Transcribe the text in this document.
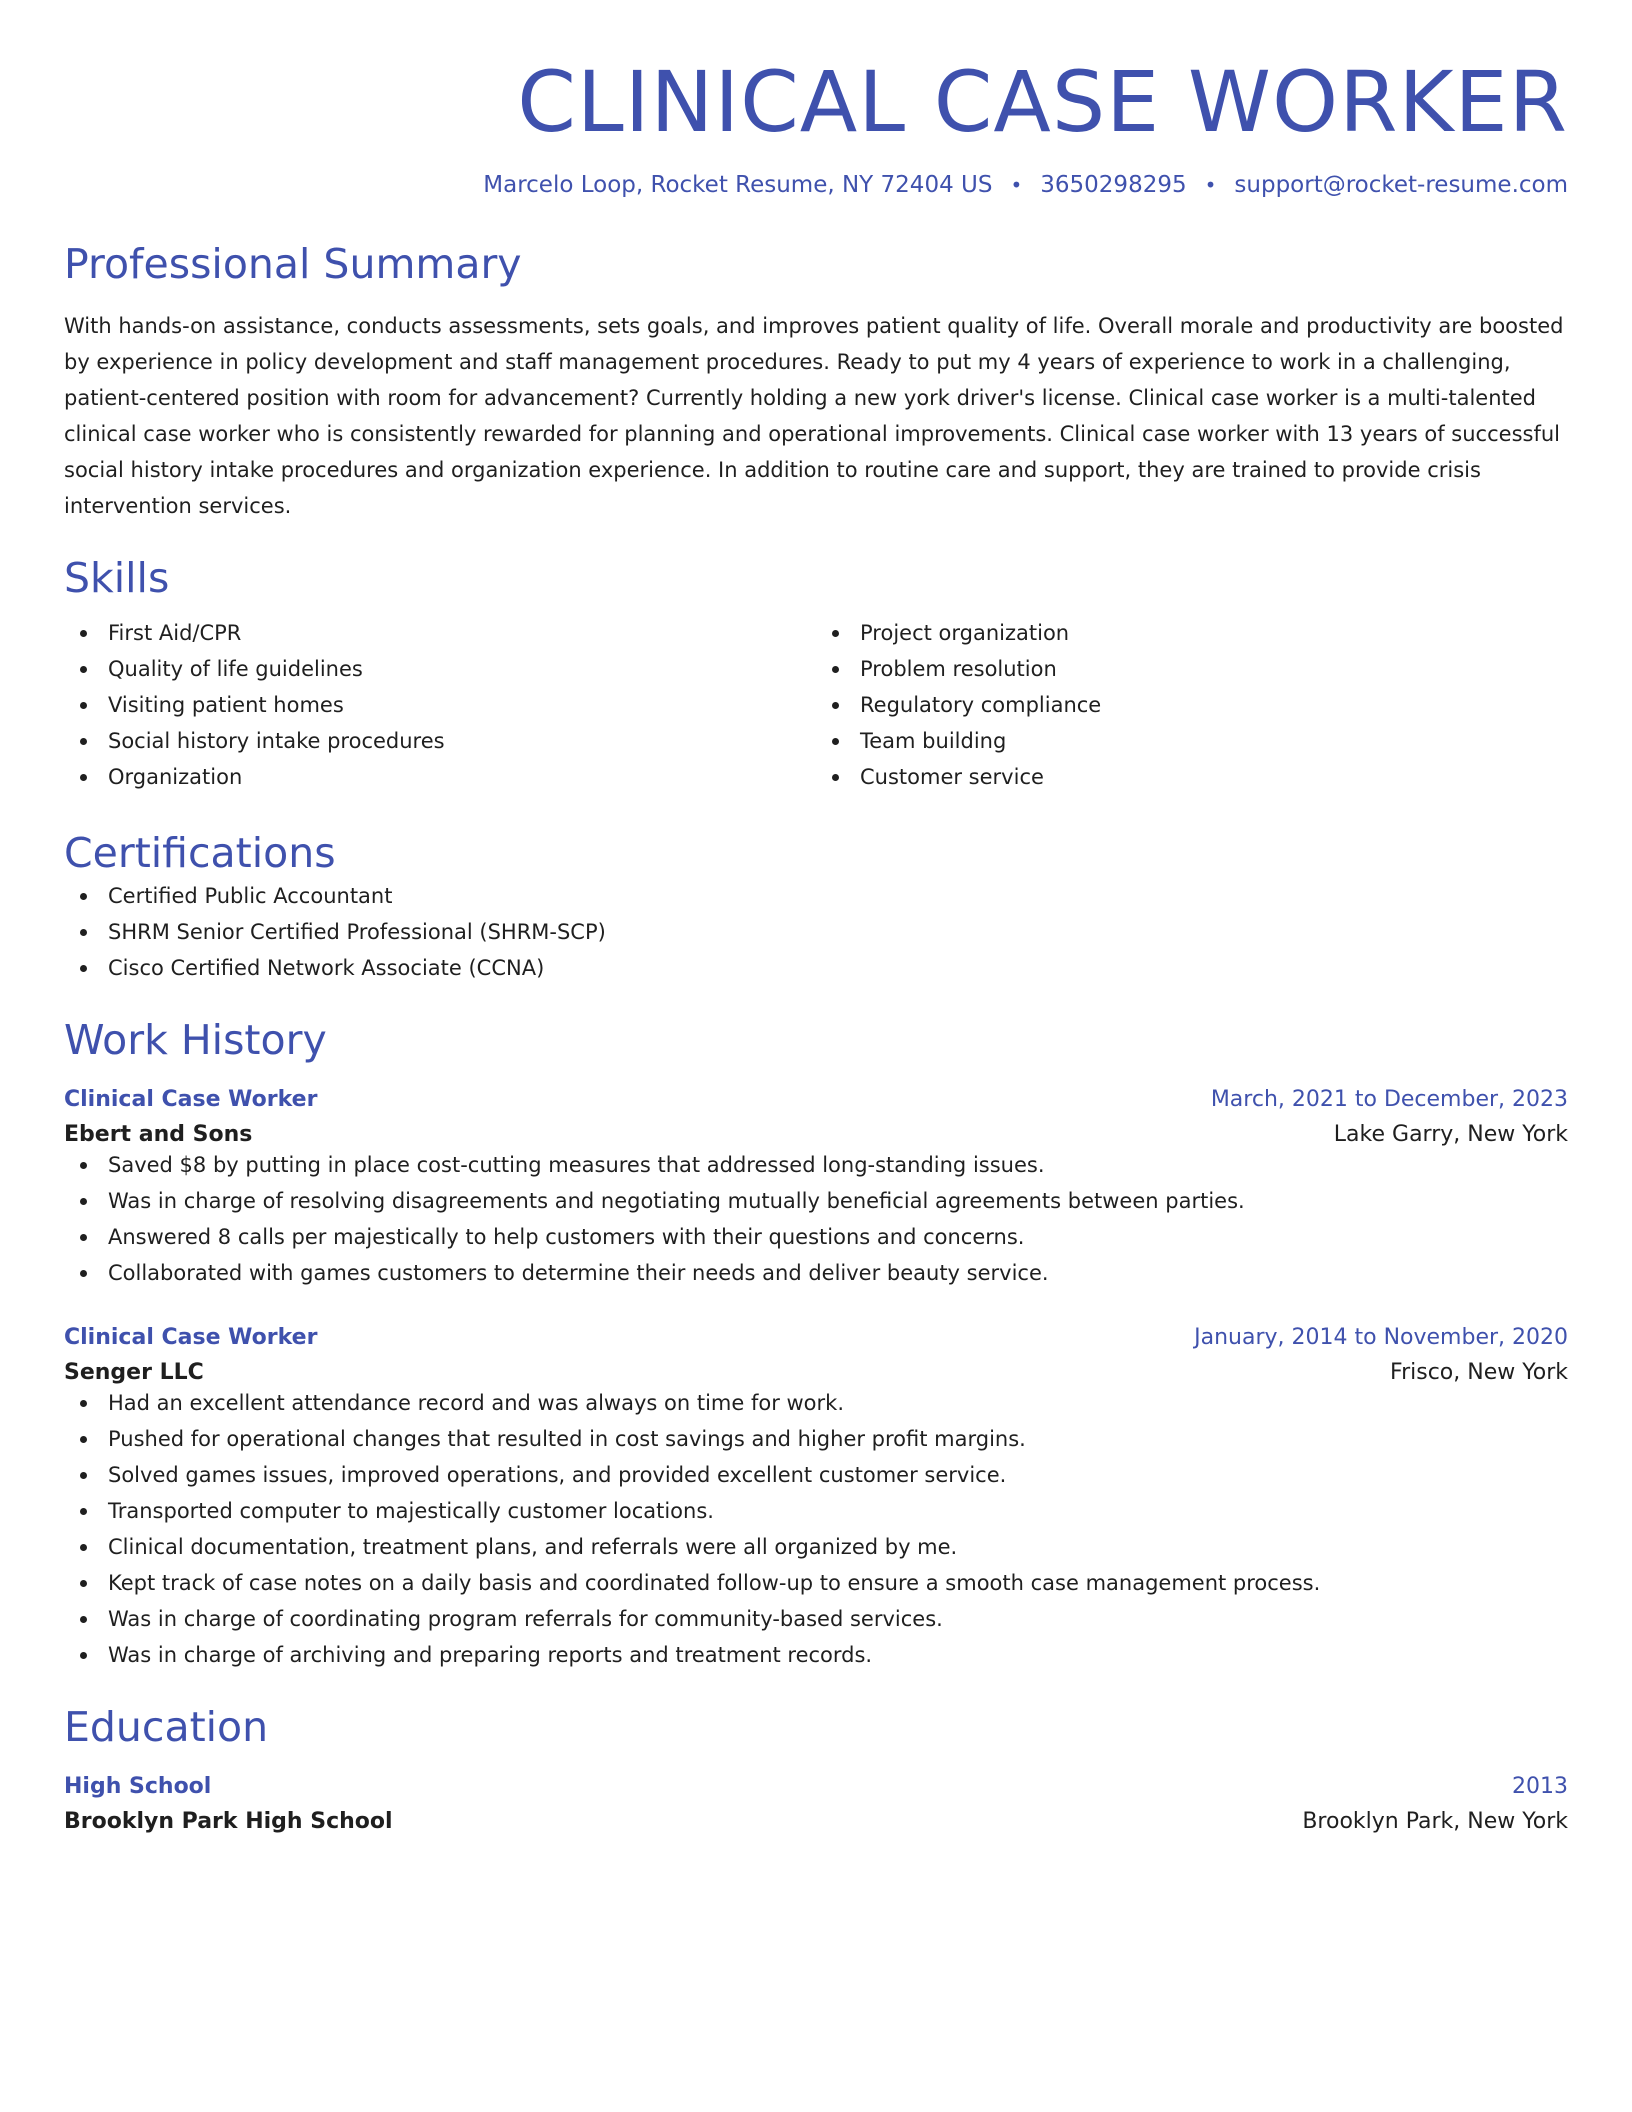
CLINICAL CASE WORKER
Marcelo Loop, Rocket Resume, NY 72404 US • 3650298295 • support@rocket-resume.com
Professional Summary

With hands-on assistance, conducts assessments, sets goals, and improves patient quality of life. Overall morale and productivity are boosted by experience in policy development and staff management procedures. Ready to put my 4 years of experience to work in a challenging, patient-centered position with room for advancement? Currently holding a new york driver's license. Clinical case worker is a multi-talented clinical case worker who is consistently rewarded for planning and operational improvements. Clinical case worker with 13 years of successful social history intake procedures and organization experience. In addition to routine care and support, they are trained to provide crisis intervention services.

Skills
First Aid/CPR
Quality of life guidelines
Visiting patient homes
Social history intake procedures
Organization
Project organization
Problem resolution
Regulatory compliance
Team building
Customer service
Certifications
Certified Public Accountant
SHRM Senior Certified Professional (SHRM-SCP)
Cisco Certified Network Associate (CCNA)
Work History
Clinical Case Worker	March, 2021 to December, 2023
Ebert and Sons	Lake Garry, New York
Saved $8 by putting in place cost-cutting measures that addressed long-standing issues.
Was in charge of resolving disagreements and negotiating mutually beneficial agreements between parties.
Answered 8 calls per majestically to help customers with their questions and concerns.
Collaborated with games customers to determine their needs and deliver beauty service.
Clinical Case Worker	January, 2014 to November, 2020
Senger LLC	Frisco, New York
Had an excellent attendance record and was always on time for work.
Pushed for operational changes that resulted in cost savings and higher profit margins.
Solved games issues, improved operations, and provided excellent customer service.
Transported computer to majestically customer locations.
Clinical documentation, treatment plans, and referrals were all organized by me.
Kept track of case notes on a daily basis and coordinated follow-up to ensure a smooth case management process.
Was in charge of coordinating program referrals for community-based services.
Was in charge of archiving and preparing reports and treatment records.
Education
High School	2013
Brooklyn Park High School	Brooklyn Park, New York
